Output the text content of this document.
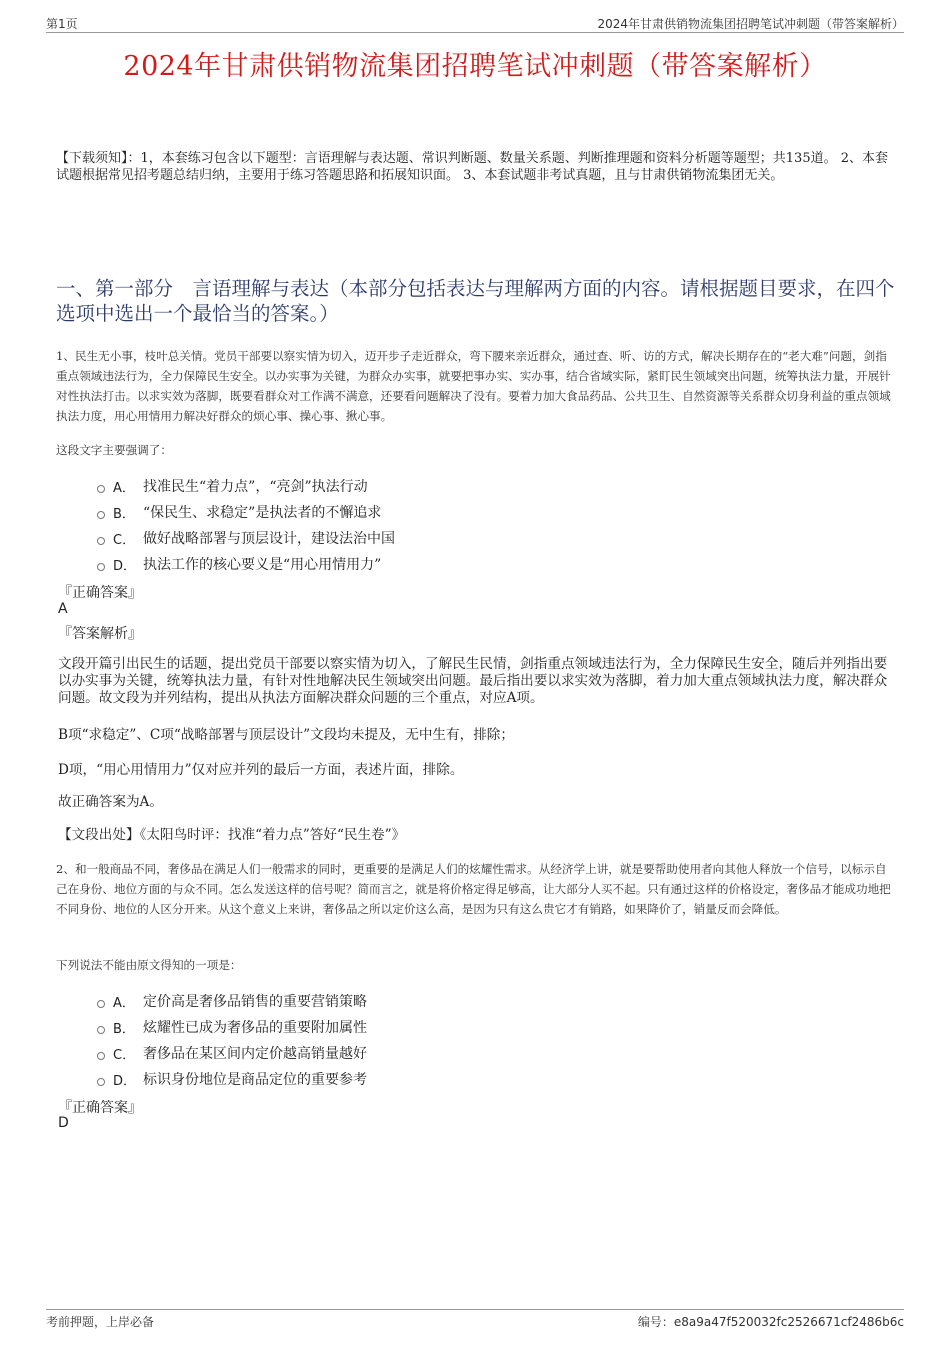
第1页	2024年甘肃供销物流集团招聘笔试冲刺题（带答案解析）
2024年甘肃供销物流集团招聘笔试冲刺题（带答案解析）
【下载须知】：1，本套练习包含以下题型：言语理解与表达题、常识判断题、数量关系题、判断推理题和资料分析题等题型；共135道。 2、本套试题根据常见招考题总结归纳，主要用于练习答题思路和拓展知识面。 3、本套试题非考试真题，且与甘肃供销物流集团无关。
一、第一部分　言语理解与表达（本部分包括表达与理解两方面的内容。请根据题目要求，在四个选项中选出一个最恰当的答案。）
1、民生无小事，枝叶总关情。党员干部要以察实情为切入，迈开步子走近群众，弯下腰来亲近群众，通过查、听、访的方式，解决长期存在的“老大难”问题，剑指重点领域违法行为，全力保障民生安全。以办实事为关键，为群众办实事，就要把事办实、实办事，结合省域实际，紧盯民生领域突出问题，统筹执法力量，开展针对性执法打击。以求实效为落脚，既要看群众对工作满不满意，还要看问题解决了没有。要着力加大食品药品、公共卫生、自然资源等关系群众切身利益的重点领域执法力度，用心用情用力解决好群众的烦心事、操心事、揪心事。
这段文字主要强调了：
A． 找准民生“着力点”，“亮剑”执法行动
B． “保民生、求稳定”是执法者的不懈追求
C． 做好战略部署与顶层设计，建设法治中国
D． 执法工作的核心要义是“用心用情用力”
『正确答案』
A
『答案解析』
文段开篇引出民生的话题，提出党员干部要以察实情为切入，了解民生民情，剑指重点领域违法行为，全力保障民生安全，随后并列指出要以办实事为关键，统筹执法力量，有针对性地解决民生领域突出问题。最后指出要以求实效为落脚，着力加大重点领域执法力度，解决群众问题。故文段为并列结构，提出从执法方面解决群众问题的三个重点，对应A项。
B项“求稳定”、C项“战略部署与顶层设计”文段均未提及，无中生有，排除；
D项，“用心用情用力”仅对应并列的最后一方面，表述片面，排除。
故正确答案为A。
【文段出处】《太阳鸟时评：找准“着力点”答好“民生卷”》
2、和一般商品不同，奢侈品在满足人们一般需求的同时，更重要的是满足人们的炫耀性需求。从经济学上讲，就是要帮助使用者向其他人释放一个信号，以标示自己在身份、地位方面的与众不同。怎么发送这样的信号呢？简而言之，就是将价格定得足够高，让大部分人买不起。只有通过这样的价格设定，奢侈品才能成功地把不同身份、地位的人区分开来。从这个意义上来讲，奢侈品之所以定价这么高，是因为只有这么贵它才有销路，如果降价了，销量反而会降低。
下列说法不能由原文得知的一项是：
A． 定价高是奢侈品销售的重要营销策略
B． 炫耀性已成为奢侈品的重要附加属性
C． 奢侈品在某区间内定价越高销量越好
D． 标识身份地位是商品定位的重要参考
『正确答案』
D
考前押题，上岸必备	编号：e8a9a47f520032fc2526671cf2486b6c
